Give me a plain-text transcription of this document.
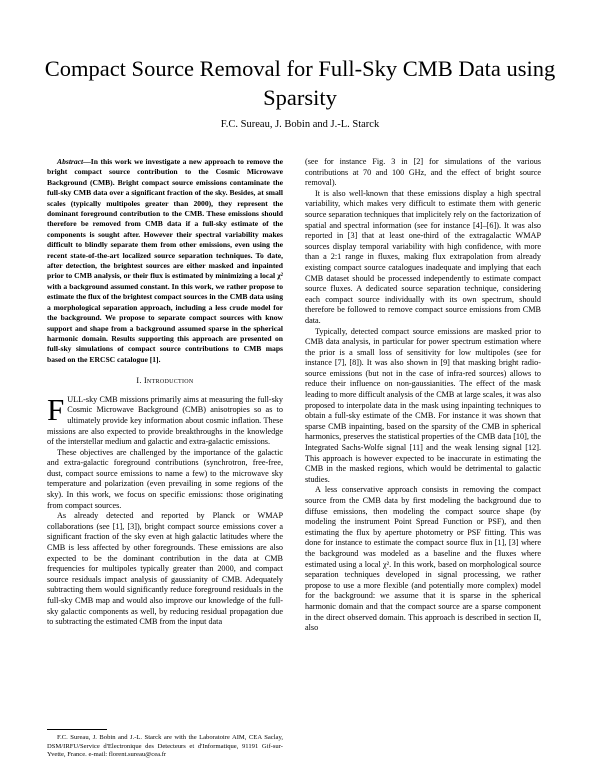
Compact Source Removal for Full-Sky CMB Data using Sparsity
F.C. Sureau, J. Bobin and J.-L. Starck

Abstract—In this work we investigate a new approach to remove the bright compact source contribution to the Cosmic Microwave Background (CMB). Bright compact source emissions contaminate the full-sky CMB data over a significant fraction of the sky. Besides, at small scales (typically multipoles greater than 2000), they represent the dominant foreground contribution to the CMB. These emissions should therefore be removed from CMB data if a full-sky estimate of the components is sought after. However their spectral variability makes difficult to blindly separate them from other emissions, even using the recent state-of-the-art localized source separation techniques. To date, after detection, the brightest sources are either masked and inpainted prior to CMB analysis, or their flux is estimated by minimizing a local χ² with a background assumed constant. In this work, we rather propose to estimate the flux of the brightest compact sources in the CMB data using a morphological separation approach, including a less crude model for the background. We propose to separate compact sources with know support and shape from a background assumed sparse in the spherical harmonic domain. Results supporting this approach are presented on full-sky simulations of compact source contributions to CMB maps based on the ERCSC catalogue [1].

I. Introduction

FULL-sky CMB missions primarily aims at measuring the full-sky Cosmic Microwave Background (CMB) anisotropies so as to ultimately provide key information about cosmic inflation. These missions are also expected to provide breakthroughs in the knowledge of the interstellar medium and galactic and extra-galactic emissions.

These objectives are challenged by the importance of the galactic and extra-galactic foreground contributions (synchrotron, free-free, dust, compact source emissions to name a few) to the microwave sky temperature and polarization (even prevailing in some regions of the sky). In this work, we focus on specific emissions: those originating from compact sources.

As already detected and reported by Planck or WMAP collaborations (see [1], [3]), bright compact source emissions cover a significant fraction of the sky even at high galactic latitudes where the CMB is less affected by other foregrounds. These emissions are also expected to be the dominant contribution in the data at CMB frequencies for multipoles typically greater than 2000, and compact source residuals impact analysis of gaussianity of CMB. Adequately subtracting them would significantly reduce foreground residuals in the full-sky CMB map and would also improve our knowledge of the full-sky galactic components as well, by reducing residual propagation due to subtracting the estimated CMB from the input data

(see for instance Fig. 3 in [2] for simulations of the various contributions at 70 and 100 GHz, and the effect of bright source removal).

It is also well-known that these emissions display a high spectral variability, which makes very difficult to estimate them with generic source separation techniques that implicitely rely on the factorization of spatial and spectral information (see for instance [4]–[6]). It was also reported in [3] that at least one-third of the extragalactic WMAP sources display temporal variability with high confidence, with more than a 2:1 range in fluxes, making flux extrapolation from already existing compact source catalogues inadequate and implying that each CMB dataset should be processed independently to estimate compact source fluxes. A dedicated source separation technique, considering each compact source individually with its own spectrum, should therefore be followed to remove compact source emissions from CMB data.

Typically, detected compact source emissions are masked prior to CMB data analysis, in particular for power spectrum estimation where the prior is a small loss of sensitivity for low multipoles (see for instance [7], [8]). It was also shown in [9] that masking bright radio-source emissions (but not in the case of infra-red sources) allows to reduce their influence on non-gaussianities. The effect of the mask leading to more difficult analysis of the CMB at large scales, it was also proposed to interpolate data in the mask using inpainting techniques to obtain a full-sky estimate of the CMB. For instance it was shown that sparse CMB inpainting, based on the sparsity of the CMB in spherical harmonics, preserves the statistical properties of the CMB data [10], the Integrated Sachs-Wolfe signal [11] and the weak lensing signal [12]. This approach is however expected to be inaccurate in estimating the CMB in the masked regions, which would be detrimental to galactic studies.

A less conservative approach consists in removing the compact source from the CMB data by first modeling the background due to diffuse emissions, then modeling the compact source shape (by modeling the instrument Point Spread Function or PSF), and then estimating the flux by aperture photometry or PSF fitting. This was done for instance to estimate the compact source flux in [1], [3] where the background was modeled as a baseline and the fluxes where estimated using a local χ². In this work, based on morphological source separation techniques developed in signal processing, we rather propose to use a more flexible (and potentially more complex) model for the background: we assume that it is sparse in the spherical harmonic domain and that the compact source are a sparse component in the direct observed domain. This approach is described in section II, also

F.C. Sureau, J. Bobin and J.-L. Starck are with the Laboratoire AIM, CEA Saclay, DSM/IRFU/Service d'Electronique des Detecteurs et d'Informatique, 91191 Gif-sur-Yvette, France. e-mail: florent.sureau@cea.fr
